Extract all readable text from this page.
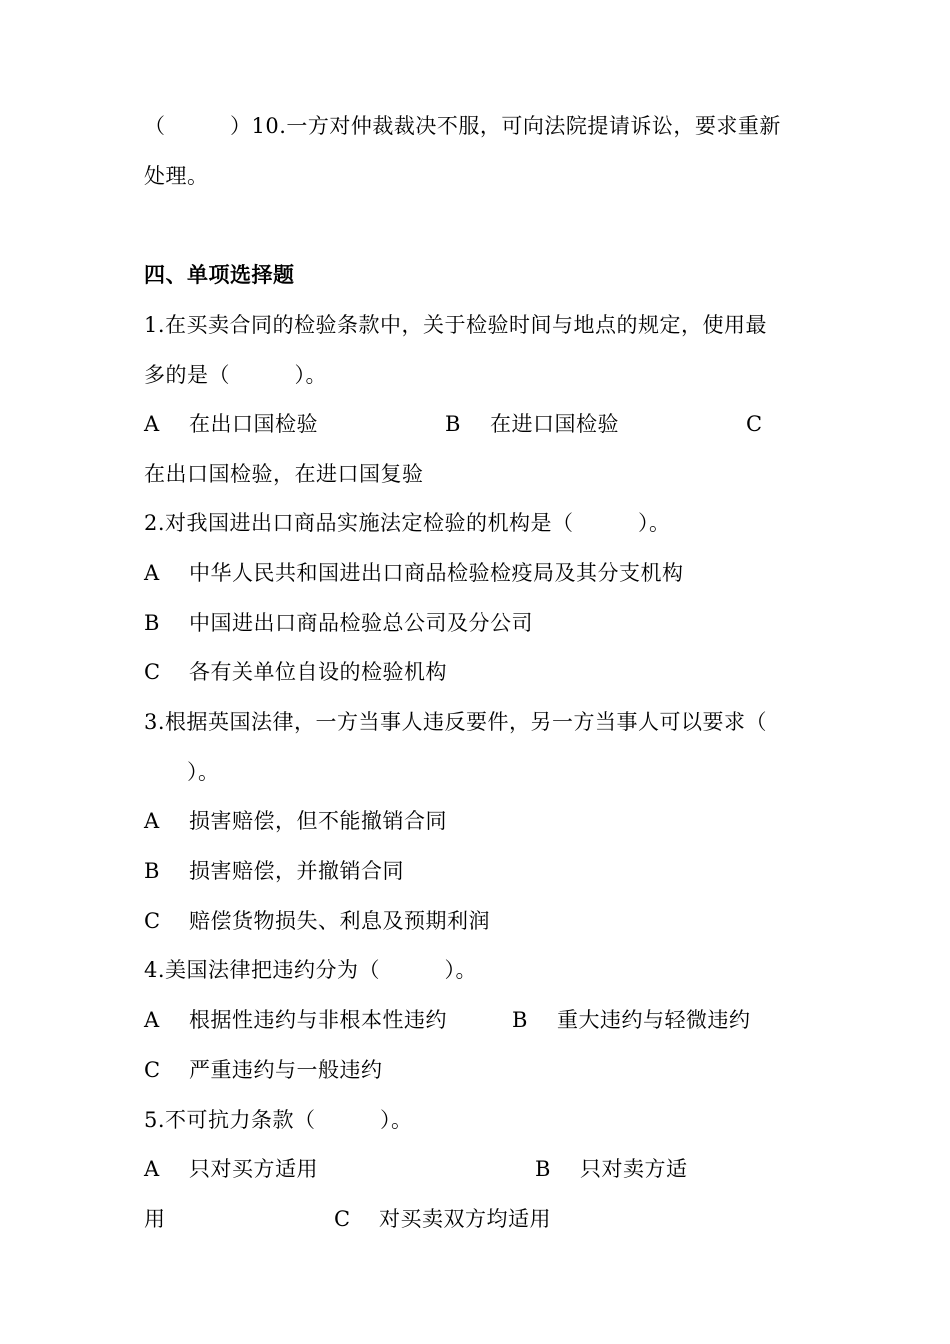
（　　　）10.一方对仲裁裁决不服，可向法院提请诉讼，要求重新
处理。
四、单项选择题
1.在买卖合同的检验条款中，关于检验时间与地点的规定，使用最
多的是（　　　）。
A 在出口国检验	B 在进口国检验	C
在出口国检验，在进口国复验
2.对我国进出口商品实施法定检验的机构是（　　　）。
A 中华人民共和国进出口商品检验检疫局及其分支机构
B 中国进出口商品检验总公司及分公司
C 各有关单位自设的检验机构
3.根据英国法律，一方当事人违反要件，另一方当事人可以要求（
　　）。
A 损害赔偿，但不能撤销合同
B 损害赔偿，并撤销合同
C 赔偿货物损失、利息及预期利润
4.美国法律把违约分为（　　　）。
A 根据性违约与非根本性违约	B 重大违约与轻微违约
C 严重违约与一般违约
5.不可抗力条款（　　　）。
A 只对买方适用	B 只对卖方适
用	C 对买卖双方均适用
